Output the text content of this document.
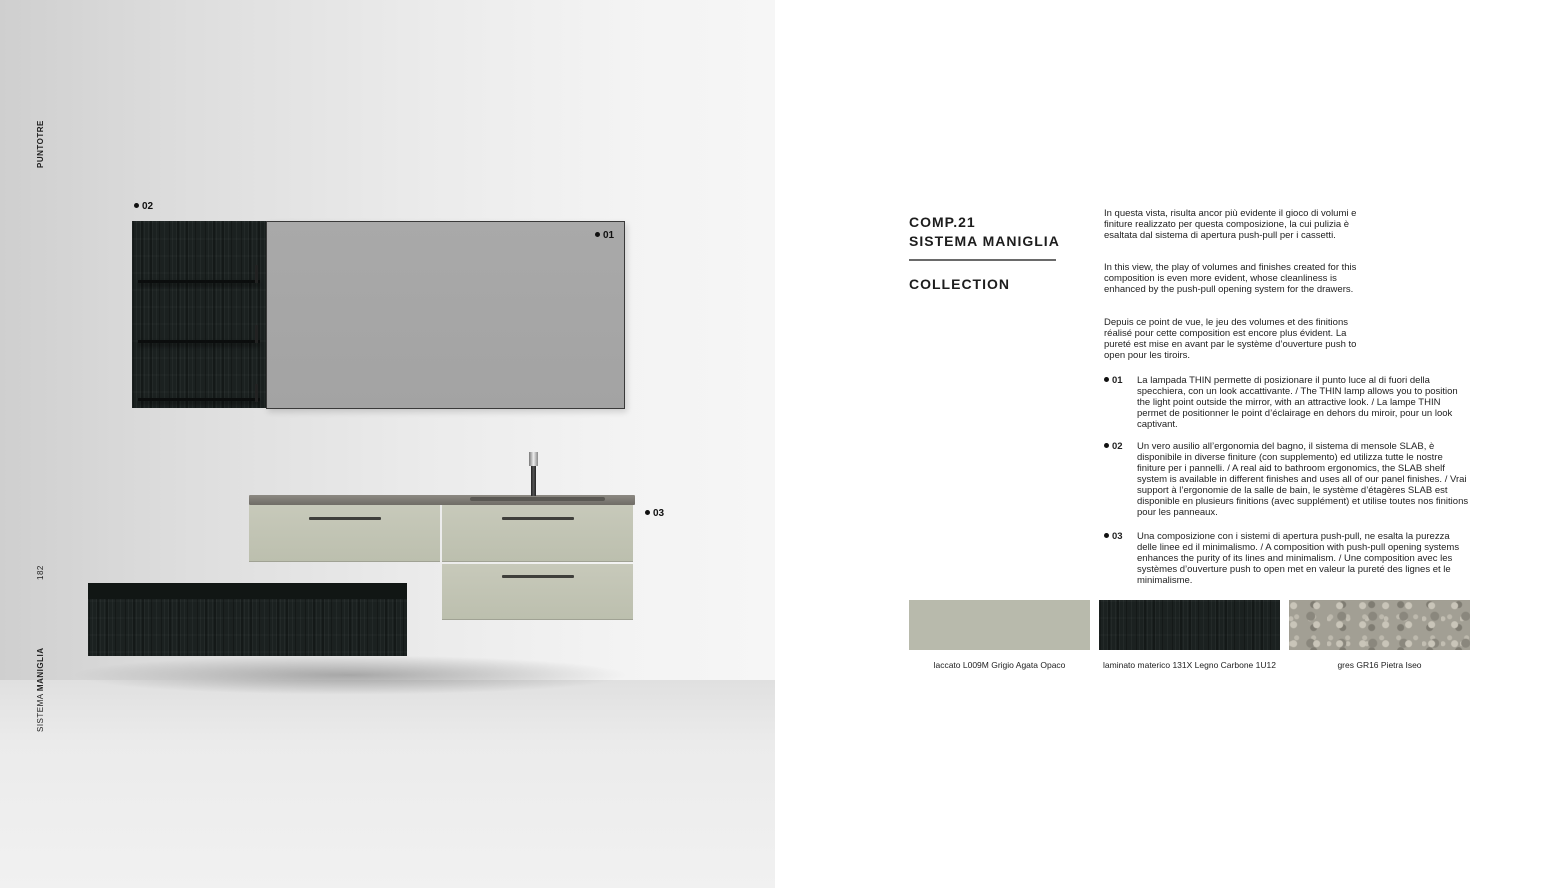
02
01
03
PUNTOTRE
182
SISTEMA MANIGLIA
COMP.21
SISTEMA MANIGLIA
COLLECTION
In questa vista, risulta ancor più evidente il gioco di volumi e finiture realizzato per questa composizione, la cui pulizia è esaltata dal sistema di apertura push-pull per i cassetti.
In this view, the play of volumes and finishes created for this composition is even more evident, whose cleanliness is enhanced by the push-pull opening system for the drawers.
Depuis ce point de vue, le jeu des volumes et des finitions réalisé pour cette composition est encore plus évident. La pureté est mise en avant par le système d’ouverture push to open pour les tiroirs.
01 La lampada THIN permette di posizionare il punto luce al di fuori della specchiera, con un look accattivante. / The THIN lamp allows you to position the light point outside the mirror, with an attractive look. / La lampe THIN permet de positionner le point d’éclairage en dehors du miroir, pour un look captivant.
02 Un vero ausilio all’ergonomia del bagno, il sistema di mensole SLAB, è disponibile in diverse finiture (con supplemento) ed utilizza tutte le nostre finiture per i pannelli. / A real aid to bathroom ergonomics, the SLAB shelf system is available in different finishes and uses all of our panel finishes. / Vrai support à l’ergonomie de la salle de bain, le système d’étagères SLAB est disponible en plusieurs finitions (avec supplément) et utilise toutes nos finitions pour les panneaux.
03 Una composizione con i sistemi di apertura push-pull, ne esalta la purezza delle linee ed il minimalismo. / A composition with push-pull opening systems enhances the purity of its lines and minimalism. / Une composition avec les systèmes d’ouverture push to open met en valeur la pureté des lignes et le minimalisme.
laccato L009M Grigio Agata Opaco	laminato materico 131X Legno Carbone 1U12	gres GR16 Pietra Iseo
